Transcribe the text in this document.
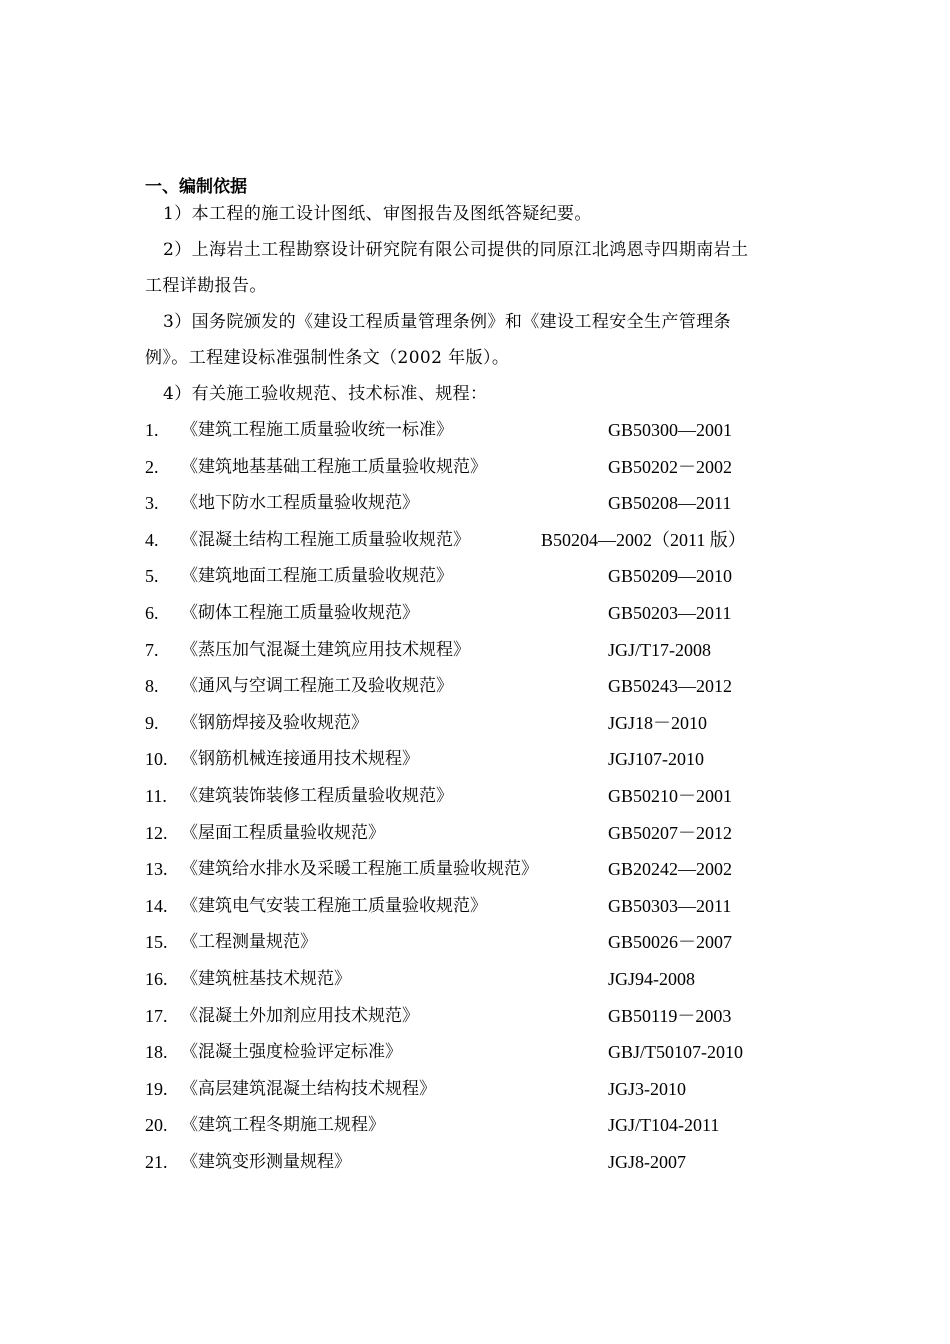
一、编制依据
1）本工程的施工设计图纸、审图报告及图纸答疑纪要。
2）上海岩土工程勘察设计研究院有限公司提供的同原江北鸿恩寺四期南岩土
工程详勘报告。
3）国务院颁发的《建设工程质量管理条例》和《建设工程安全生产管理条
例》。工程建设标准强制性条文（2002 年版）。
4）有关施工验收规范、技术标准、规程：
1. 《建筑工程施工质量验收统一标准》	GB50300—2001
2. 《建筑地基基础工程施工质量验收规范》	GB50202－2002
3. 《地下防水工程质量验收规范》	GB50208—2011
4. 《混凝土结构工程施工质量验收规范》	B50204—2002（2011 版）
5. 《建筑地面工程施工质量验收规范》	GB50209—2010
6. 《砌体工程施工质量验收规范》	GB50203—2011
7. 《蒸压加气混凝土建筑应用技术规程》	JGJ/T17-2008
8. 《通风与空调工程施工及验收规范》	GB50243—2012
9. 《钢筋焊接及验收规范》	JGJ18－2010
10. 《钢筋机械连接通用技术规程》	JGJ107-2010
11. 《建筑装饰装修工程质量验收规范》	GB50210－2001
12. 《屋面工程质量验收规范》	GB50207－2012
13. 《建筑给水排水及采暖工程施工质量验收规范》	GB20242—2002
14. 《建筑电气安装工程施工质量验收规范》	GB50303—2011
15. 《工程测量规范》	GB50026－2007
16. 《建筑桩基技术规范》	JGJ94-2008
17. 《混凝土外加剂应用技术规范》	GB50119－2003
18. 《混凝土强度检验评定标准》	GBJ/T50107-2010
19. 《高层建筑混凝土结构技术规程》	JGJ3-2010
20. 《建筑工程冬期施工规程》	JGJ/T104-2011
21. 《建筑变形测量规程》	JGJ8-2007
